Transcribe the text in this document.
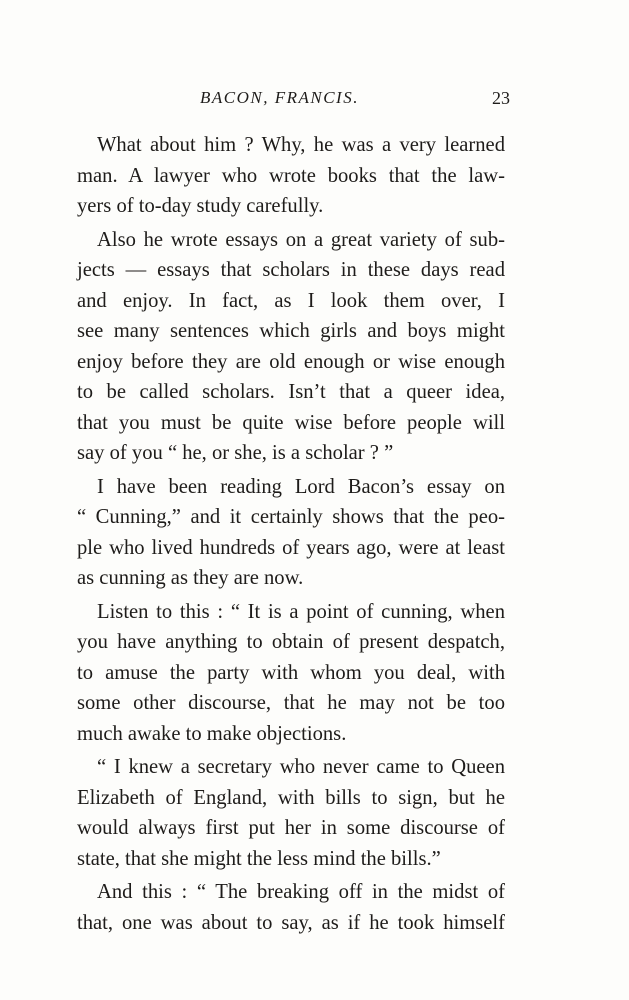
BACON, FRANCIS.	23

What about him ? Why, he was a very learned
man. A lawyer who wrote books that the law-
yers of to-day study carefully.

Also he wrote essays on a great variety of sub-
jects — essays that scholars in these days read
and enjoy. In fact, as I look them over, I
see many sentences which girls and boys might
enjoy before they are old enough or wise enough
to be called scholars. Isn’t that a queer idea,
that you must be quite wise before people will
say of you “ he, or she, is a scholar ? ”

I have been reading Lord Bacon’s essay on
“ Cunning,” and it certainly shows that the peo-
ple who lived hundreds of years ago, were at least
as cunning as they are now.

Listen to this : “ It is a point of cunning, when
you have anything to obtain of present despatch,
to amuse the party with whom you deal, with
some other discourse, that he may not be too
much awake to make objections.

“ I knew a secretary who never came to Queen
Elizabeth of England, with bills to sign, but he
would always first put her in some discourse of
state, that she might the less mind the bills.”

And this : “ The breaking off in the midst of
that, one was about to say, as if he took himself
